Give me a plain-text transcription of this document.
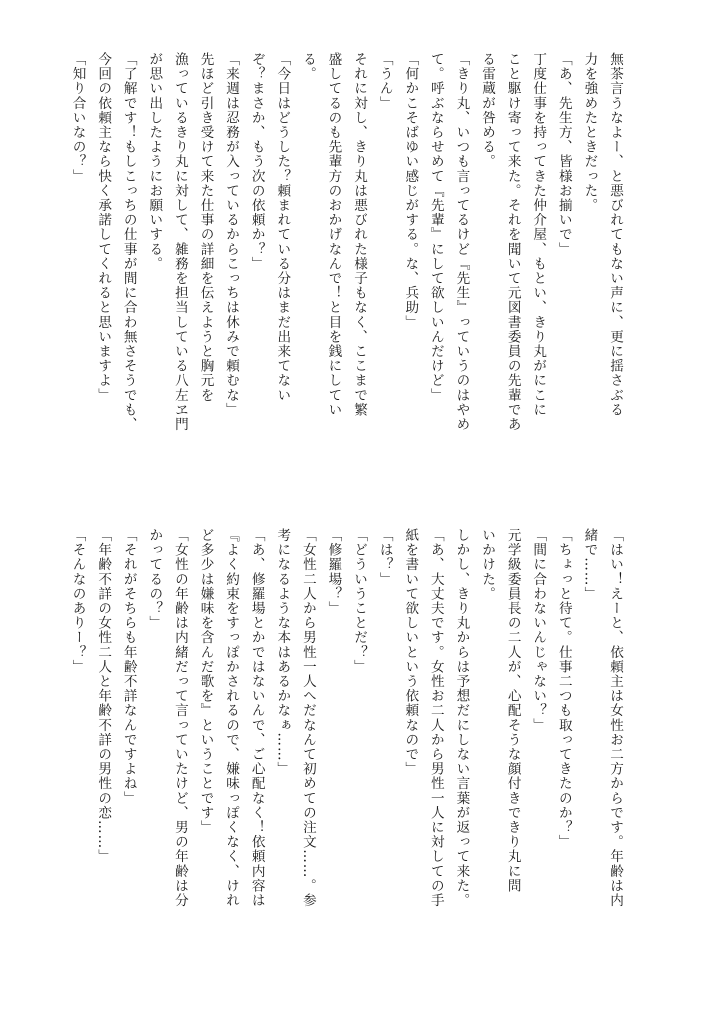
無茶言うなよー、と悪びれてもない声に、更に揺さぶる
力を強めたときだった。
「あ、先生方、皆様お揃いで」
丁度仕事を持ってきた仲介屋、もとい、きり丸がにこに
こと駆け寄って来た。それを聞いて元図書委員の先輩であ
る雷蔵が咎める。
「きり丸、いつも言ってるけど『先生』っていうのはやめ
て。呼ぶならせめて『先輩』にして欲しいんだけど」
「何かこそばゆい感じがする。な、兵助」
「うん」
それに対し、きり丸は悪びれた様子もなく、ここまで繁
盛してるのも先輩方のおかげなんで！と目を銭にしてい
る。
「今日はどうした？頼まれている分はまだ出来てない
ぞ？まさか、もう次の依頼か？」
「来週は忍務が入っているからこっちは休みで頼むな」
先ほど引き受けて来た仕事の詳細を伝えようと胸元を
漁っているきり丸に対して、雑務を担当している八左ヱ門
が思い出したようにお願いする。
「了解です！もしこっちの仕事が間に合わ無さそうでも、
今回の依頼主なら快く承諾してくれると思いますよ」
「知り合いなの？」
「はい！えーと、依頼主は女性お二方からです。年齢は内
緒で……」
「ちょっと待て。仕事二つも取ってきたのか？」
「間に合わないんじゃない？」
元学級委員長の二人が、心配そうな顔付きできり丸に問
いかけた。
しかし、きり丸からは予想だにしない言葉が返って来た。
「あ、大丈夫です。女性お二人から男性一人に対しての手
紙を書いて欲しいという依頼なので」
「は？」
「どういうことだ？」
「修羅場？」
「女性二人から男性一人へだなんて初めての注文……。参
考になるような本はあるかなぁ……」
「あ、修羅場とかではないんで、ご心配なく！依頼内容は
『よく約束をすっぽかされるので、嫌味っぽくなく、けれ
ど多少は嫌味を含んだ歌を』ということです」
「女性の年齢は内緒だって言っていたけど、男の年齢は分
かってるの？」
「それがそちらも年齢不詳なんですよね」
「年齢不詳の女性二人と年齢不詳の男性の恋……」
「そんなのありー？」
